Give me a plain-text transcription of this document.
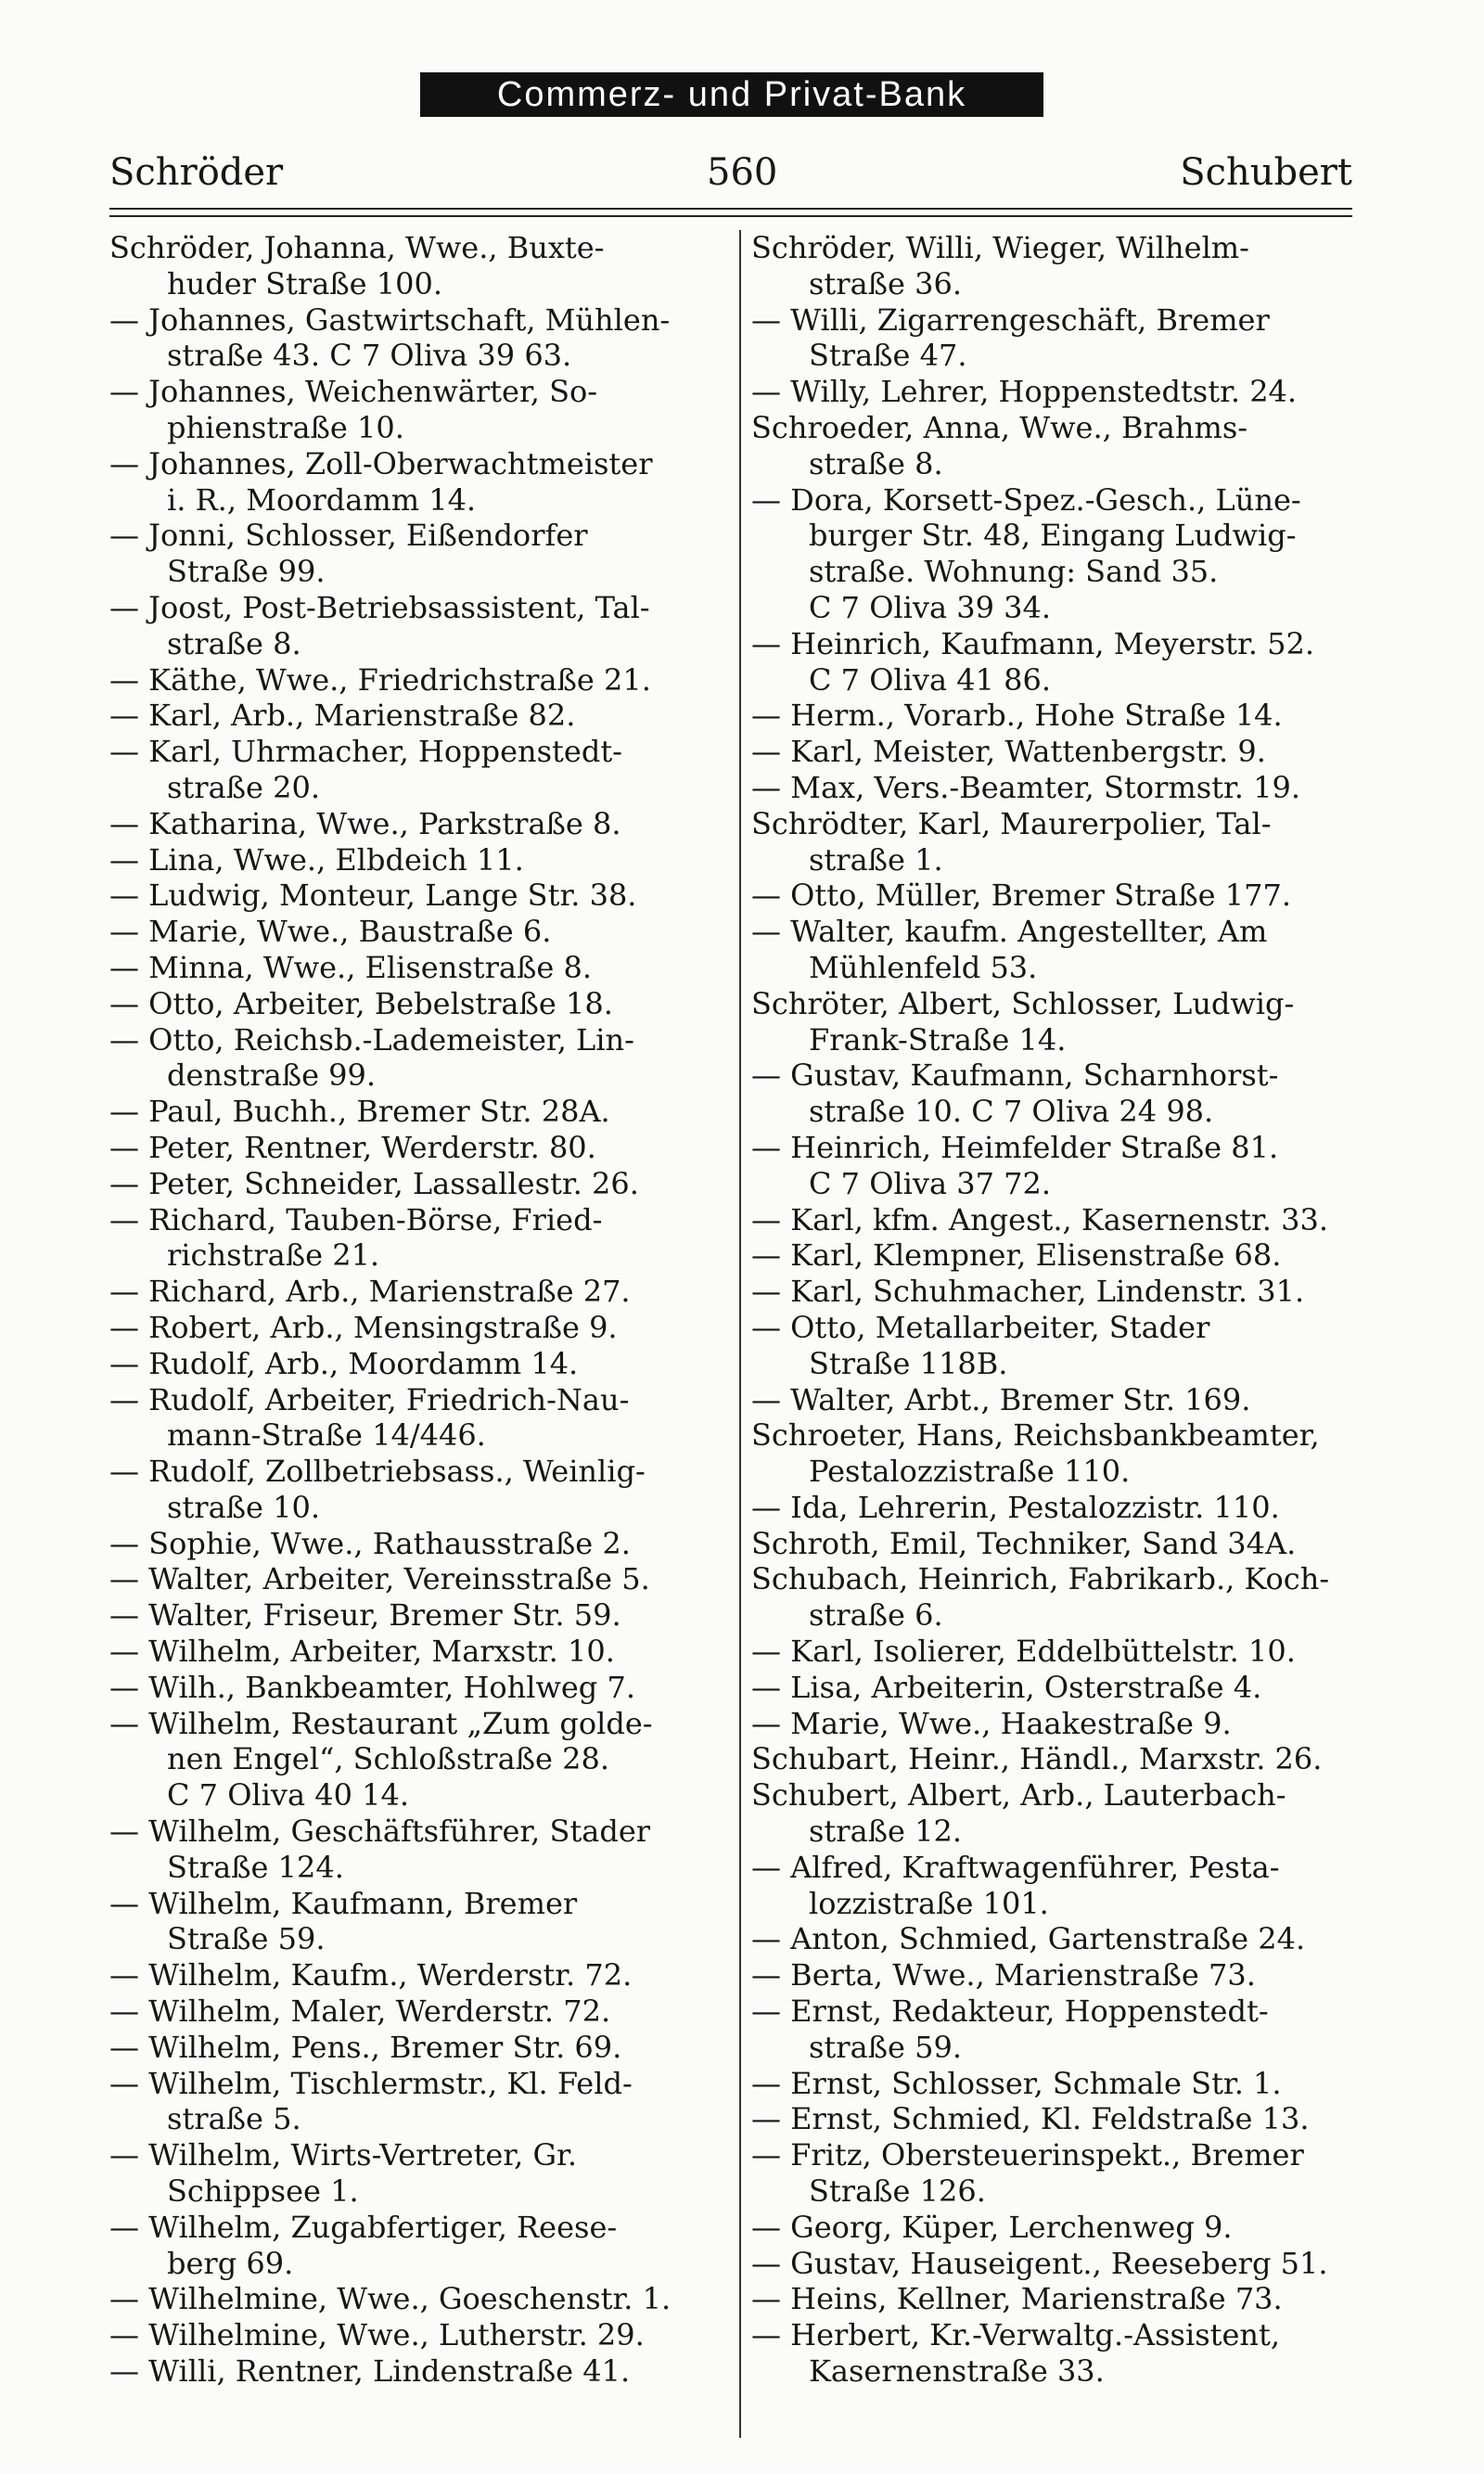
Commerz- und Privat-Bank
Schröder	560	Schubert
Schröder, Johanna, Wwe., Buxte-
huder Straße 100.
— Johannes, Gastwirtschaft, Mühlen-
straße 43. C 7 Oliva 39 63.
— Johannes, Weichenwärter, So-
phienstraße 10.
— Johannes, Zoll-Oberwachtmeister
i. R., Moordamm 14.
— Jonni, Schlosser, Eißendorfer
Straße 99.
— Joost, Post-Betriebsassistent, Tal-
straße 8.
— Käthe, Wwe., Friedrichstraße 21.
— Karl, Arb., Marienstraße 82.
— Karl, Uhrmacher, Hoppenstedt-
straße 20.
— Katharina, Wwe., Parkstraße 8.
— Lina, Wwe., Elbdeich 11.
— Ludwig, Monteur, Lange Str. 38.
— Marie, Wwe., Baustraße 6.
— Minna, Wwe., Elisenstraße 8.
— Otto, Arbeiter, Bebelstraße 18.
— Otto, Reichsb.-Lademeister, Lin-
denstraße 99.
— Paul, Buchh., Bremer Str. 28A.
— Peter, Rentner, Werderstr. 80.
— Peter, Schneider, Lassallestr. 26.
— Richard, Tauben-Börse, Fried-
richstraße 21.
— Richard, Arb., Marienstraße 27.
— Robert, Arb., Mensingstraße 9.
— Rudolf, Arb., Moordamm 14.
— Rudolf, Arbeiter, Friedrich-Nau-
mann-Straße 14/446.
— Rudolf, Zollbetriebsass., Weinlig-
straße 10.
— Sophie, Wwe., Rathausstraße 2.
— Walter, Arbeiter, Vereinsstraße 5.
— Walter, Friseur, Bremer Str. 59.
— Wilhelm, Arbeiter, Marxstr. 10.
— Wilh., Bankbeamter, Hohlweg 7.
— Wilhelm, Restaurant „Zum golde-
nen Engel“, Schloßstraße 28.
C 7 Oliva 40 14.
— Wilhelm, Geschäftsführer, Stader
Straße 124.
— Wilhelm, Kaufmann, Bremer
Straße 59.
— Wilhelm, Kaufm., Werderstr. 72.
— Wilhelm, Maler, Werderstr. 72.
— Wilhelm, Pens., Bremer Str. 69.
— Wilhelm, Tischlermstr., Kl. Feld-
straße 5.
— Wilhelm, Wirts-Vertreter, Gr.
Schippsee 1.
— Wilhelm, Zugabfertiger, Reese-
berg 69.
— Wilhelmine, Wwe., Goeschenstr. 1.
— Wilhelmine, Wwe., Lutherstr. 29.
— Willi, Rentner, Lindenstraße 41.
Schröder, Willi, Wieger, Wilhelm-
straße 36.
— Willi, Zigarrengeschäft, Bremer
Straße 47.
— Willy, Lehrer, Hoppenstedtstr. 24.
Schroeder, Anna, Wwe., Brahms-
straße 8.
— Dora, Korsett-Spez.-Gesch., Lüne-
burger Str. 48, Eingang Ludwig-
straße. Wohnung: Sand 35.
C 7 Oliva 39 34.
— Heinrich, Kaufmann, Meyerstr. 52.
C 7 Oliva 41 86.
— Herm., Vorarb., Hohe Straße 14.
— Karl, Meister, Wattenbergstr. 9.
— Max, Vers.-Beamter, Stormstr. 19.
Schrödter, Karl, Maurerpolier, Tal-
straße 1.
— Otto, Müller, Bremer Straße 177.
— Walter, kaufm. Angestellter, Am
Mühlenfeld 53.
Schröter, Albert, Schlosser, Ludwig-
Frank-Straße 14.
— Gustav, Kaufmann, Scharnhorst-
straße 10. C 7 Oliva 24 98.
— Heinrich, Heimfelder Straße 81.
C 7 Oliva 37 72.
— Karl, kfm. Angest., Kasernenstr. 33.
— Karl, Klempner, Elisenstraße 68.
— Karl, Schuhmacher, Lindenstr. 31.
— Otto, Metallarbeiter, Stader
Straße 118B.
— Walter, Arbt., Bremer Str. 169.
Schroeter, Hans, Reichsbankbeamter,
Pestalozzistraße 110.
— Ida, Lehrerin, Pestalozzistr. 110.
Schroth, Emil, Techniker, Sand 34A.
Schubach, Heinrich, Fabrikarb., Koch-
straße 6.
— Karl, Isolierer, Eddelbüttelstr. 10.
— Lisa, Arbeiterin, Osterstraße 4.
— Marie, Wwe., Haakestraße 9.
Schubart, Heinr., Händl., Marxstr. 26.
Schubert, Albert, Arb., Lauterbach-
straße 12.
— Alfred, Kraftwagenführer, Pesta-
lozzistraße 101.
— Anton, Schmied, Gartenstraße 24.
— Berta, Wwe., Marienstraße 73.
— Ernst, Redakteur, Hoppenstedt-
straße 59.
— Ernst, Schlosser, Schmale Str. 1.
— Ernst, Schmied, Kl. Feldstraße 13.
— Fritz, Obersteuerinspekt., Bremer
Straße 126.
— Georg, Küper, Lerchenweg 9.
— Gustav, Hauseigent., Reeseberg 51.
— Heins, Kellner, Marienstraße 73.
— Herbert, Kr.-Verwaltg.-Assistent,
Kasernenstraße 33.
